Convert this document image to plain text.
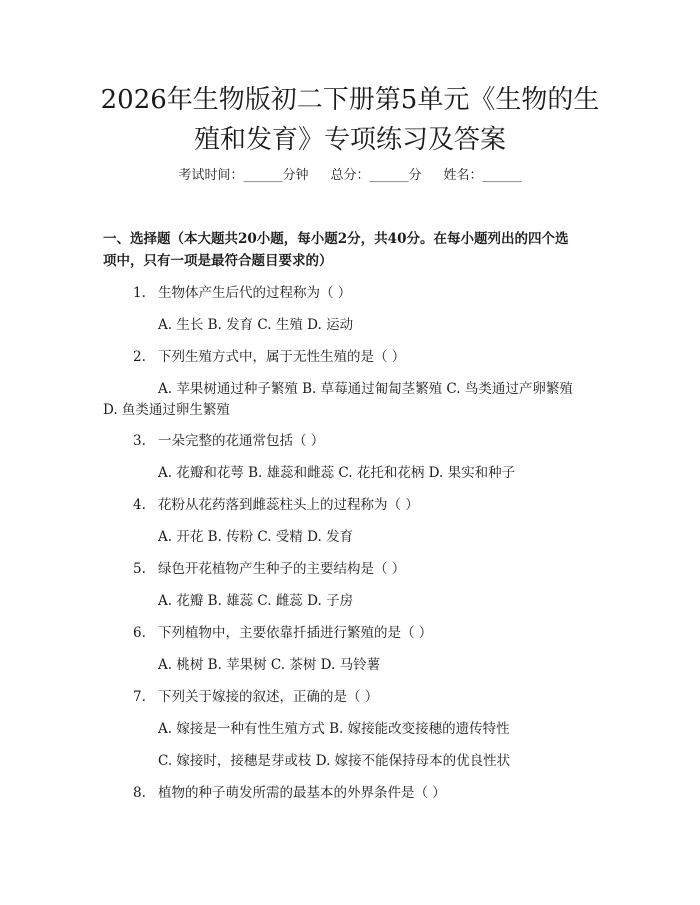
2026年生物版初二下册第5单元《生物的生
殖和发育》专项练习及答案
考试时间：______分钟 总分：______分 姓名：______
一、选择题（本大题共20小题，每小题2分，共40分。在每小题列出的四个选
项中，只有一项是最符合题目要求的）
1. 生物体产生后代的过程称为（ ）
A. 生长 B. 发育 C. 生殖 D. 运动
2. 下列生殖方式中，属于无性生殖的是（ ）
A. 苹果树通过种子繁殖 B. 草莓通过匍匐茎繁殖 C. 鸟类通过产卵繁殖
D. 鱼类通过卵生繁殖
3. 一朵完整的花通常包括（ ）
A. 花瓣和花萼 B. 雄蕊和雌蕊 C. 花托和花柄 D. 果实和种子
4. 花粉从花药落到雌蕊柱头上的过程称为（ ）
A. 开花 B. 传粉 C. 受精 D. 发育
5. 绿色开花植物产生种子的主要结构是（ ）
A. 花瓣 B. 雄蕊 C. 雌蕊 D. 子房
6. 下列植物中，主要依靠扦插进行繁殖的是（ ）
A. 桃树 B. 苹果树 C. 茶树 D. 马铃薯
7. 下列关于嫁接的叙述，正确的是（ ）
A. 嫁接是一种有性生殖方式 B. 嫁接能改变接穗的遗传特性
C. 嫁接时，接穗是芽或枝 D. 嫁接不能保持母本的优良性状
8. 植物的种子萌发所需的最基本的外界条件是（ ）
